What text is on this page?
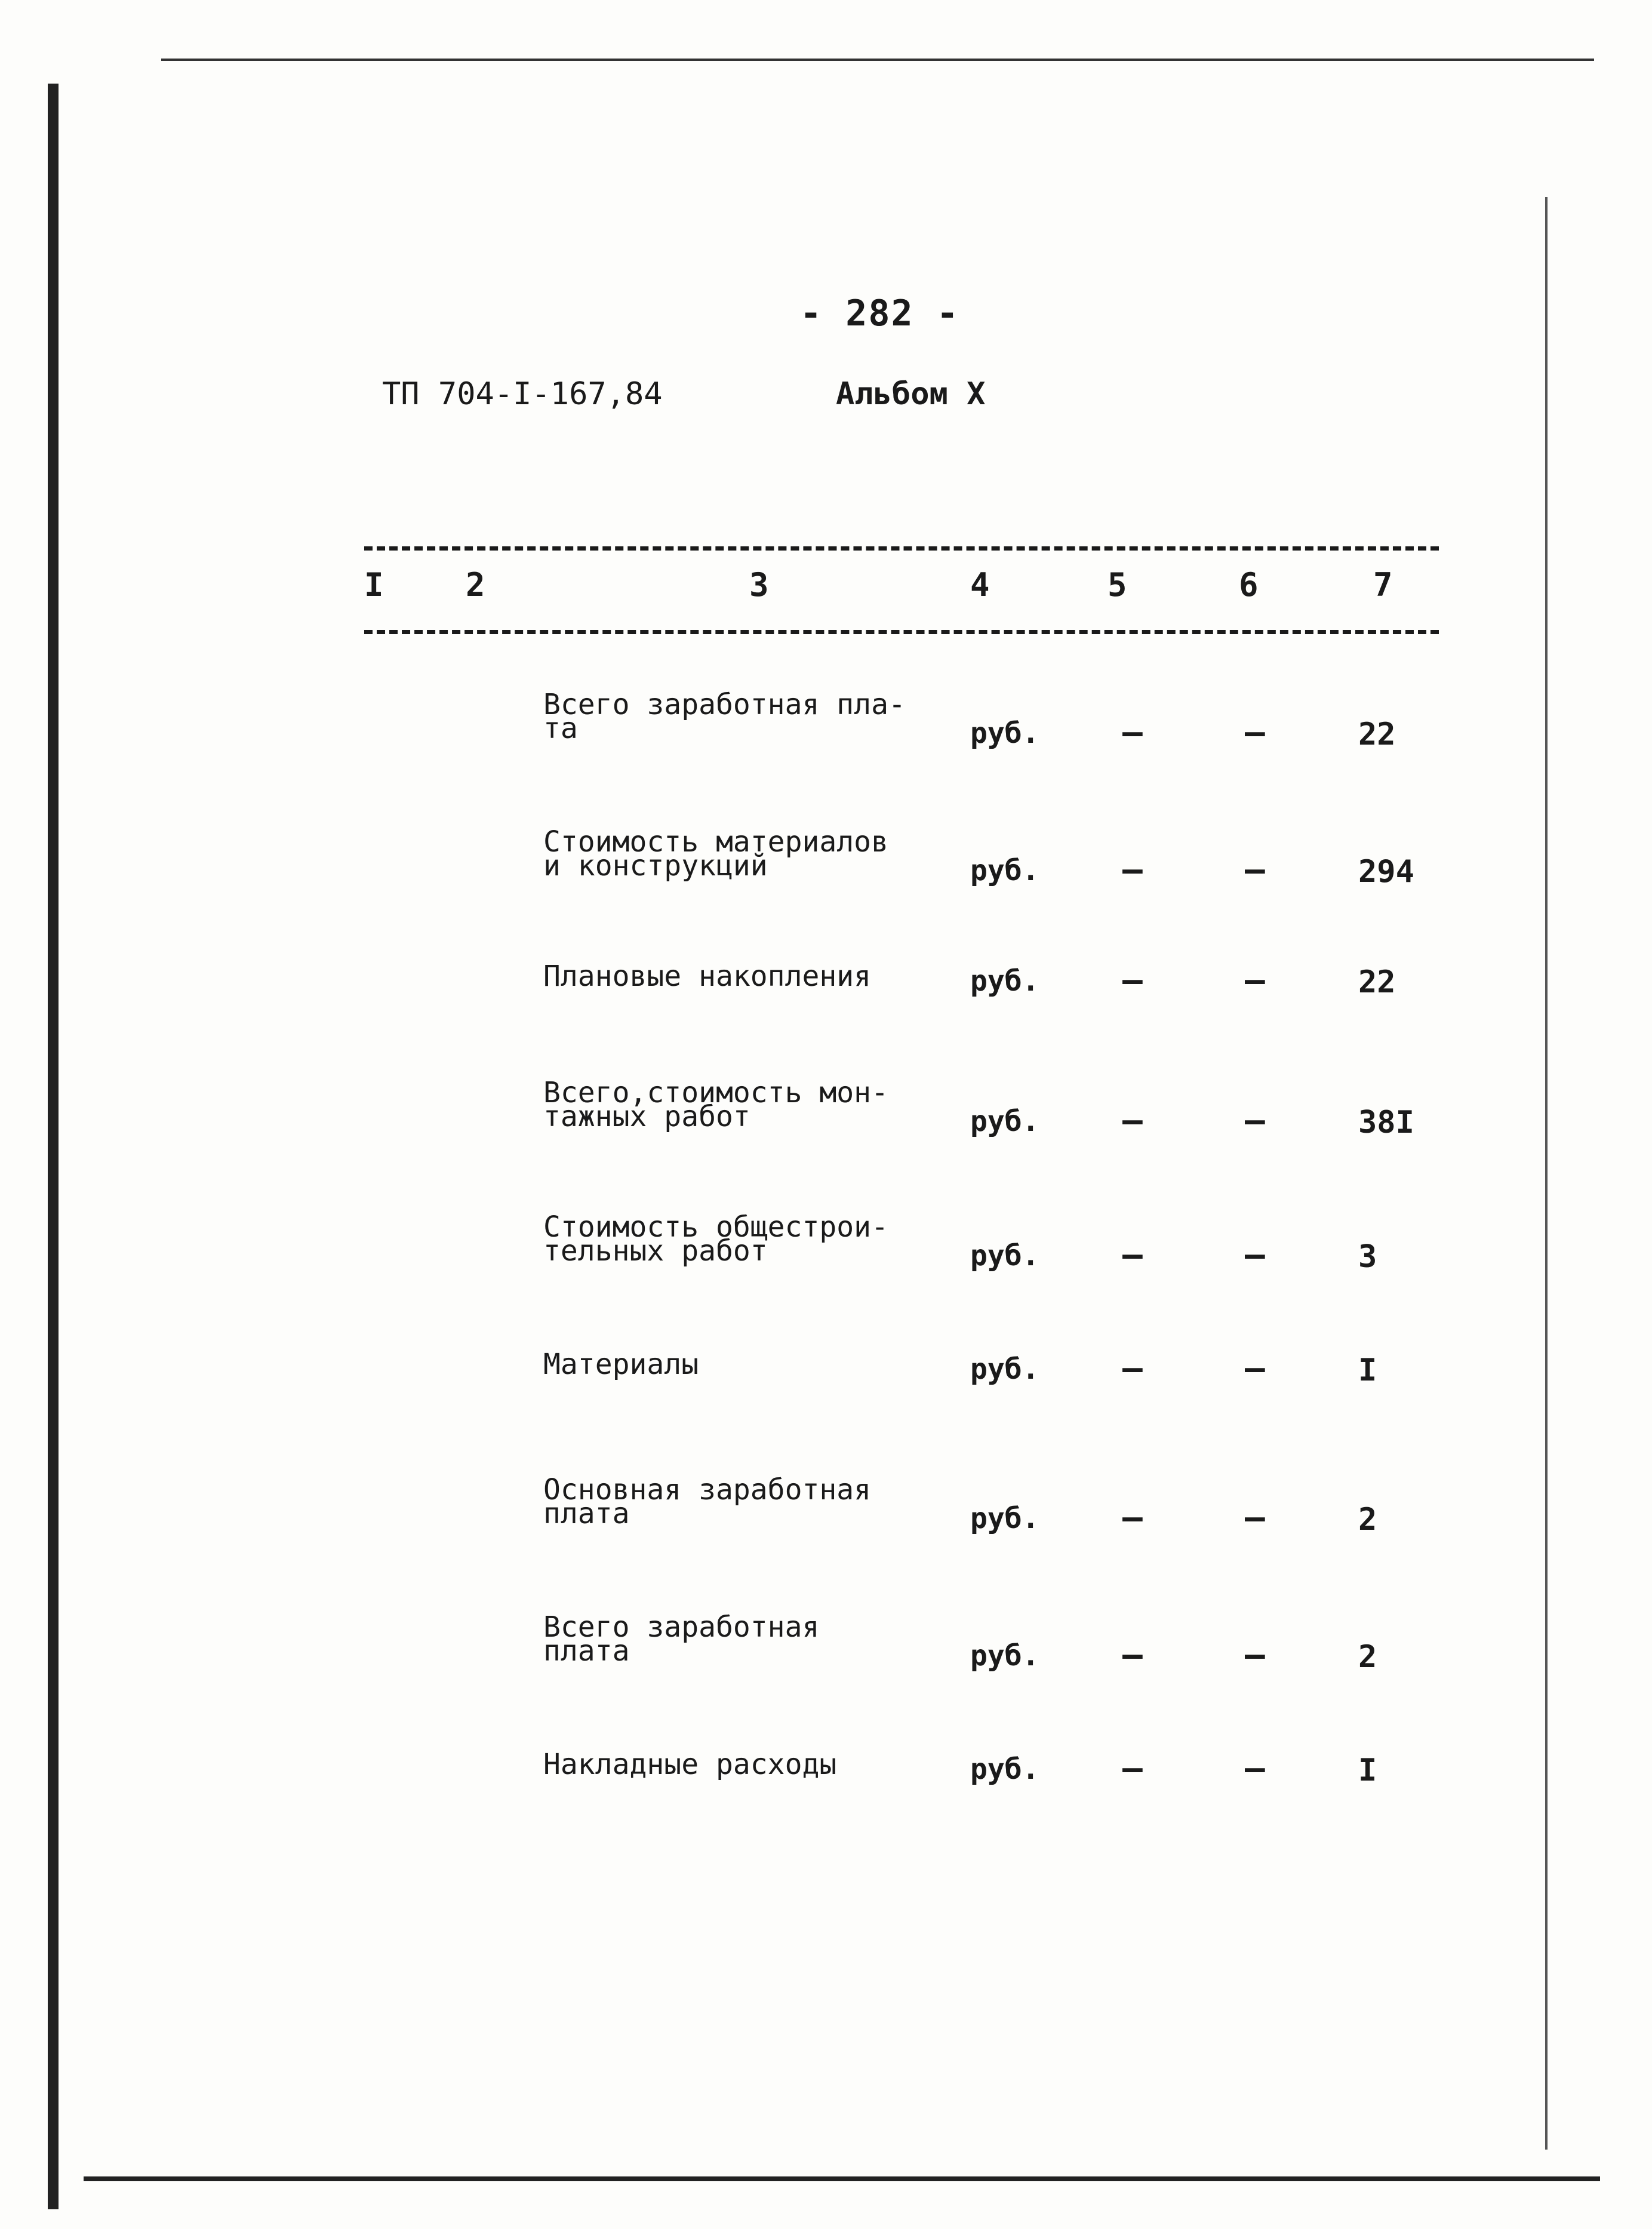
- 282 -
ТП 704-I-167,84	Альбом X
I	2	3	4	5	6	7
Всего заработная пла-
та	руб. –	–	22
Стоимость материалов
и конструкций	руб. –	–	294
Плановые накопления	руб. –	–	22
Всего,стоимость мон-
тажных работ	руб. –	–	38I
Стоимость общестрои-
тельных работ	руб. –	–	3
Материалы	руб. –	–	I
Основная заработная
плата	руб. –	–	2
Всего заработная
плата	руб. –	–	2
Накладные расходы	руб. –	–	I
